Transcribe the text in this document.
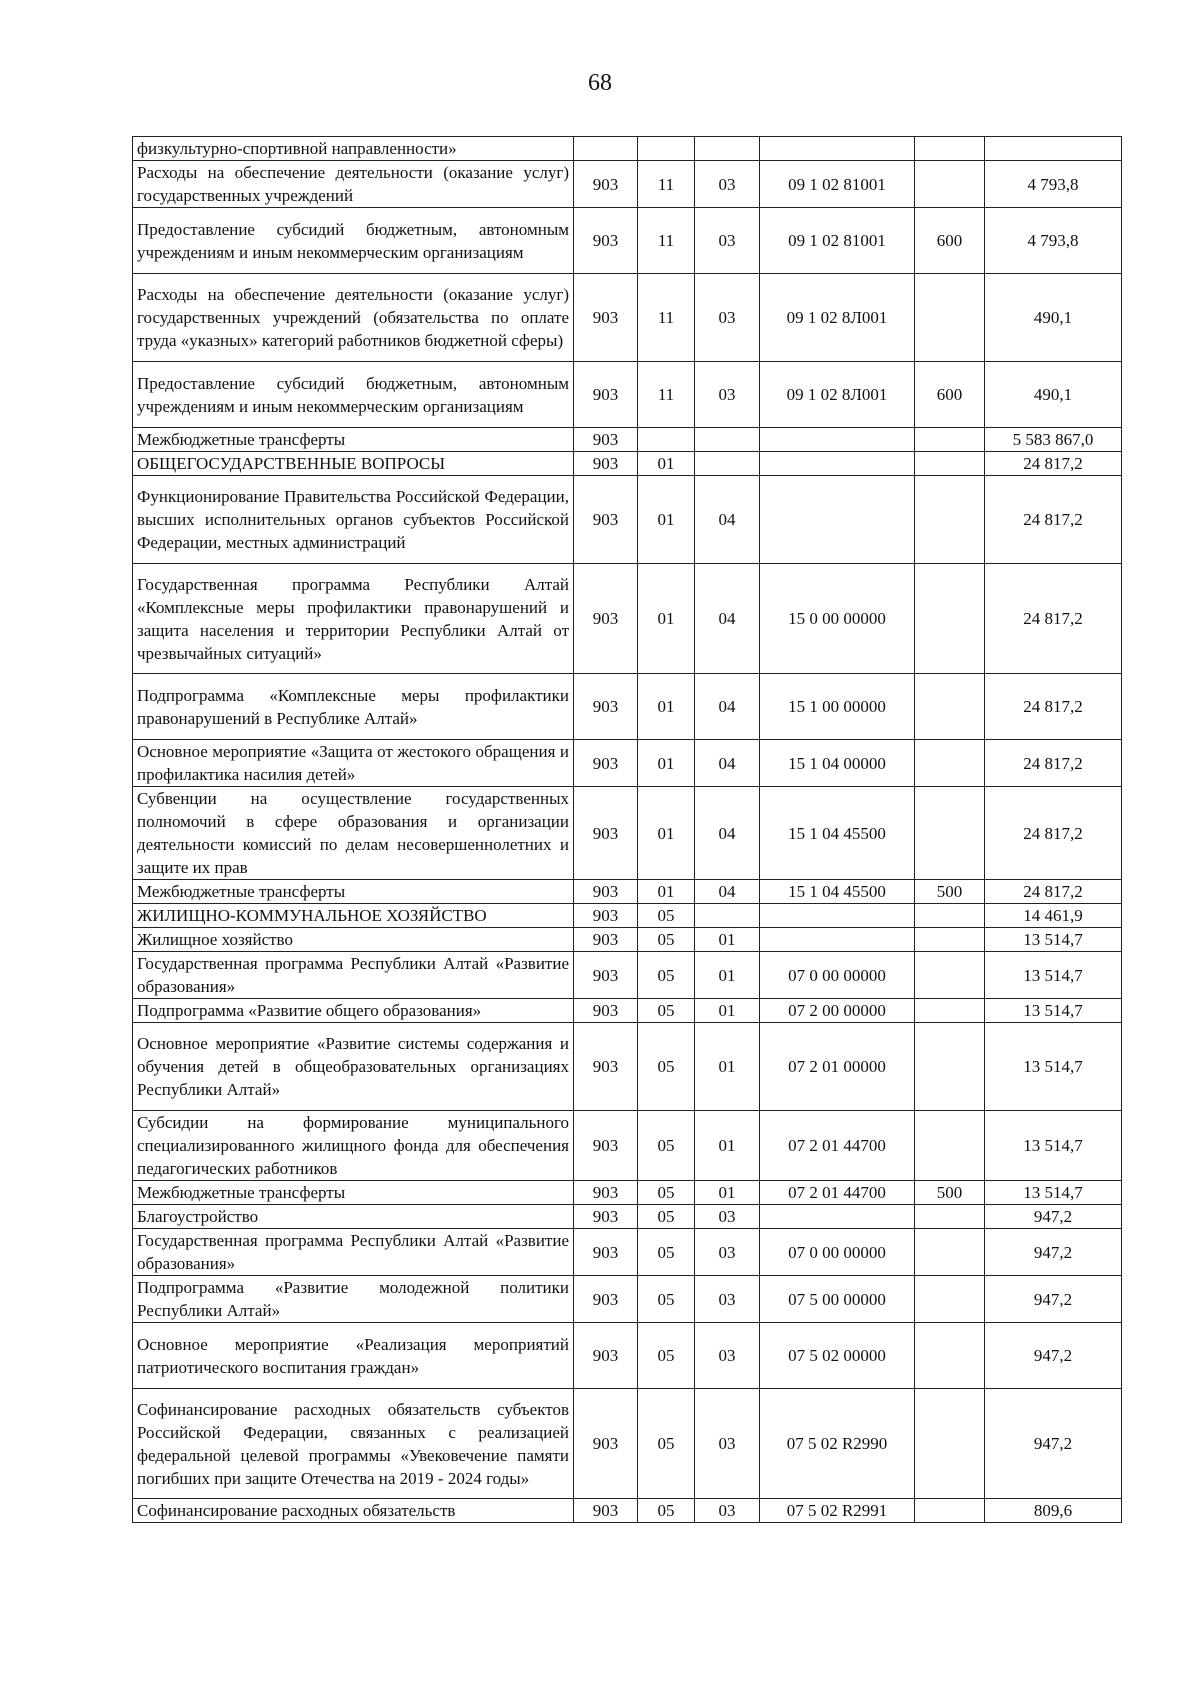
68
физкультурно-спортивной направленности»						
Расходы на обеспечение деятельности (оказание услуг) государственных учреждений	903	11	03	09 1 02 81001		4 793,8
Предоставление субсидий бюджетным, автономным учреждениям и иным некоммерческим организациям	903	11	03	09 1 02 81001	600	4 793,8
Расходы на обеспечение деятельности (оказание услуг) государственных учреждений (обязательства по оплате труда «указных» категорий работников бюджетной сферы)	903	11	03	09 1 02 8Л001		490,1
Предоставление субсидий бюджетным, автономным учреждениям и иным некоммерческим организациям	903	11	03	09 1 02 8Л001	600	490,1
Межбюджетные трансферты	903					5 583 867,0
ОБЩЕГОСУДАРСТВЕННЫЕ ВОПРОСЫ	903	01				24 817,2
Функционирование Правительства Российской Федерации, высших исполнительных органов субъектов Российской Федерации, местных администраций	903	01	04			24 817,2
Государственная программа Республики Алтай «Комплексные меры профилактики правонарушений и защита населения и территории Республики Алтай от чрезвычайных ситуаций»	903	01	04	15 0 00 00000		24 817,2
Подпрограмма «Комплексные меры профилактики правонарушений в Республике Алтай»	903	01	04	15 1 00 00000		24 817,2
Основное мероприятие «Защита от жестокого обращения и профилактика насилия детей»	903	01	04	15 1 04 00000		24 817,2
Субвенции на осуществление государственных полномочий в сфере образования и организации деятельности комиссий по делам несовершеннолетних и защите их прав	903	01	04	15 1 04 45500		24 817,2
Межбюджетные трансферты	903	01	04	15 1 04 45500	500	24 817,2
ЖИЛИЩНО-КОММУНАЛЬНОЕ ХОЗЯЙСТВО	903	05				14 461,9
Жилищное хозяйство	903	05	01			13 514,7
Государственная программа Республики Алтай «Развитие образования»	903	05	01	07 0 00 00000		13 514,7
Подпрограмма «Развитие общего образования»	903	05	01	07 2 00 00000		13 514,7
Основное мероприятие «Развитие системы содержания и обучения детей в общеобразовательных организациях Республики Алтай»	903	05	01	07 2 01 00000		13 514,7
Субсидии на формирование муниципального специализированного жилищного фонда для обеспечения педагогических работников	903	05	01	07 2 01 44700		13 514,7
Межбюджетные трансферты	903	05	01	07 2 01 44700	500	13 514,7
Благоустройство	903	05	03			947,2
Государственная программа Республики Алтай «Развитие образования»	903	05	03	07 0 00 00000		947,2
Подпрограмма «Развитие молодежной политики Республики Алтай»	903	05	03	07 5 00 00000		947,2
Основное мероприятие «Реализация мероприятий патриотического воспитания граждан»	903	05	03	07 5 02 00000		947,2
Софинансирование расходных обязательств субъектов Российской Федерации, связанных с реализацией федеральной целевой программы «Увековечение памяти погибших при защите Отечества на 2019 - 2024 годы»	903	05	03	07 5 02 R2990		947,2
Софинансирование расходных обязательств	903	05	03	07 5 02 R2991		809,6
